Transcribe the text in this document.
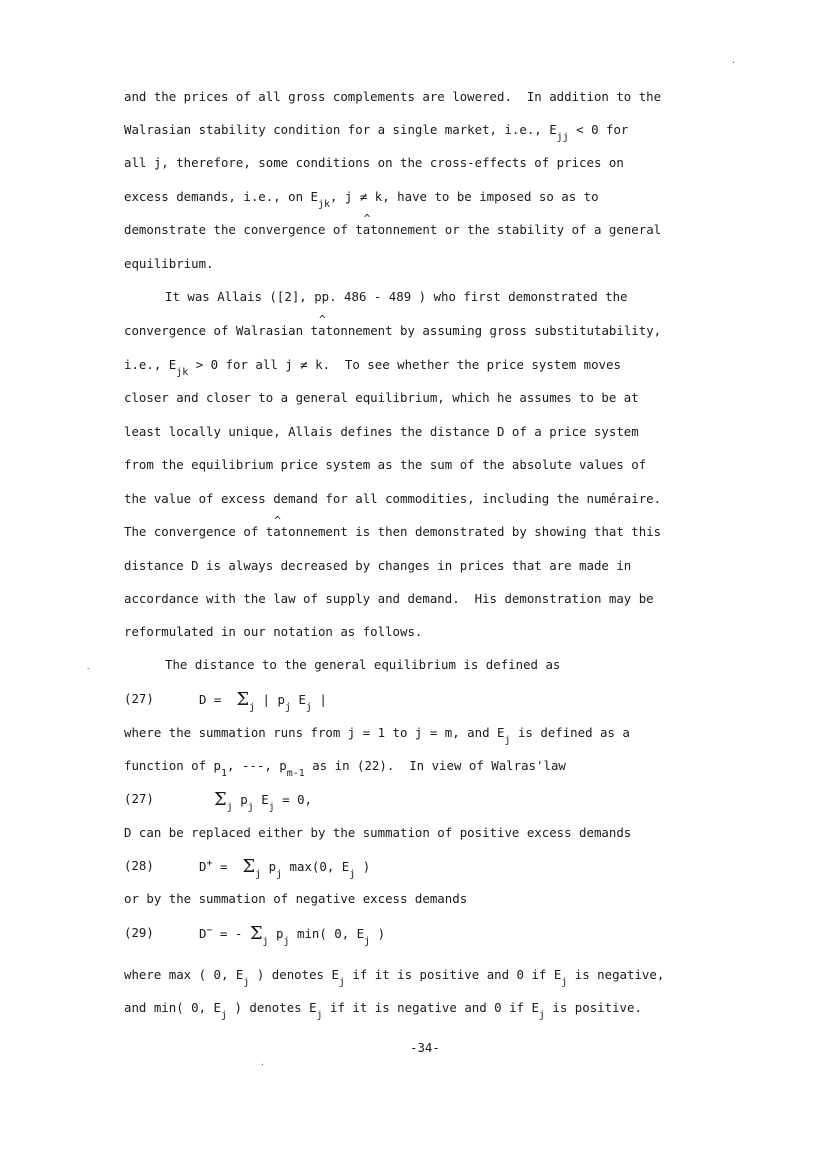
·
and the prices of all gross complements are lowered.  In addition to the
Walrasian stability condition for a single market, i.e., $E_{jj} < 0$ for
all j, therefore, some conditions on the cross-effects of prices on
excess demands, i.e., on $E_{jk}$, j ≠ k, have to be imposed so as to
demonstrate the convergence of t^ atonnement or the stability of a general
equilibrium.
It was Allais ([2], pp. 486 - 489 ) who first demonstrated the
convergence of Walrasian t^ atonnement by assuming gross substitutability,
i.e., $E_{jk} > 0$ for all j ≠ k.  To see whether the price system moves
closer and closer to a general equilibrium, which he assumes to be at
least locally unique, Allais defines the distance D of a price system
from the equilibrium price system as the sum of the absolute values of
the value of excess demand for all commodities, including the numéraire.
The convergence of t^ atonnement is then demonstrated by showing that this
distance D is always decreased by changes in prices that are made in
accordance with the law of supply and demand.  His demonstration may be
reformulated in our notation as follows.
The distance to the general equilibrium is defined as
(27)	$D = \Sigma_j$ | $p_j$ $E_j$ |
where the summation runs from j = 1 to j = m, and $E_j$ is defined as a
function of $p_1$, ---, $p_{m-1}$ as in (22).  In view of Walras'law
(27)	$\Sigma_j$ $p_j$ $E_j = 0$,
D can be replaced either by the summation of positive excess demands
(28)	$D^+ = \Sigma_j$ $p_j$ max(0, $E_j$ )
or by the summation of negative excess demands
(29)	D− = - $\Sigma_j$ $p_j$ min( 0, $E_j$ )
where max ( 0, $E_j$ ) denotes $E_j$ if it is positive and 0 if $E_j$ is negative,
and min( 0, $E_j$ ) denotes $E_j$ if it is negative and 0 if $E_j$ is positive.
-34-
-
·
